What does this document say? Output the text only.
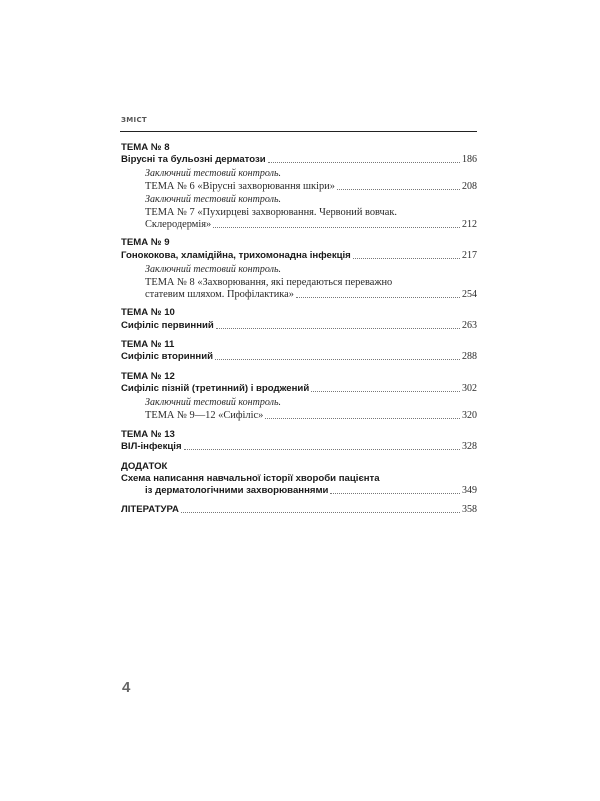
ЗМІСТ
ТЕМА № 8
Вірусні та бульозні дерматози	186
Заключний тестовий контроль.
ТЕМА № 6 «Вірусні захворювання шкіри»	208
Заключний тестовий контроль.
ТЕМА № 7 «Пухирцеві захворювання. Червоний вовчак.
Склеродермія»	212
ТЕМА № 9
Гонококова, хламідійна, трихомонадна інфекція	217
Заключний тестовий контроль.
ТЕМА № 8 «Захворювання, які передаються переважно
статевим шляхом. Профілактика»	254
ТЕМА № 10
Сифіліс первинний	263
ТЕМА № 11
Сифіліс вторинний	288
ТЕМА № 12
Сифіліс пізній (третинний) і вроджений	302
Заключний тестовий контроль.
ТЕМА № 9—12 «Сифіліс»	320
ТЕМА № 13
ВІЛ-інфекція	328
ДОДАТОК
Схема написання навчальної історії хвороби пацієнта
із дерматологічними захворюваннями	349
ЛІТЕРАТУРА	358
4
